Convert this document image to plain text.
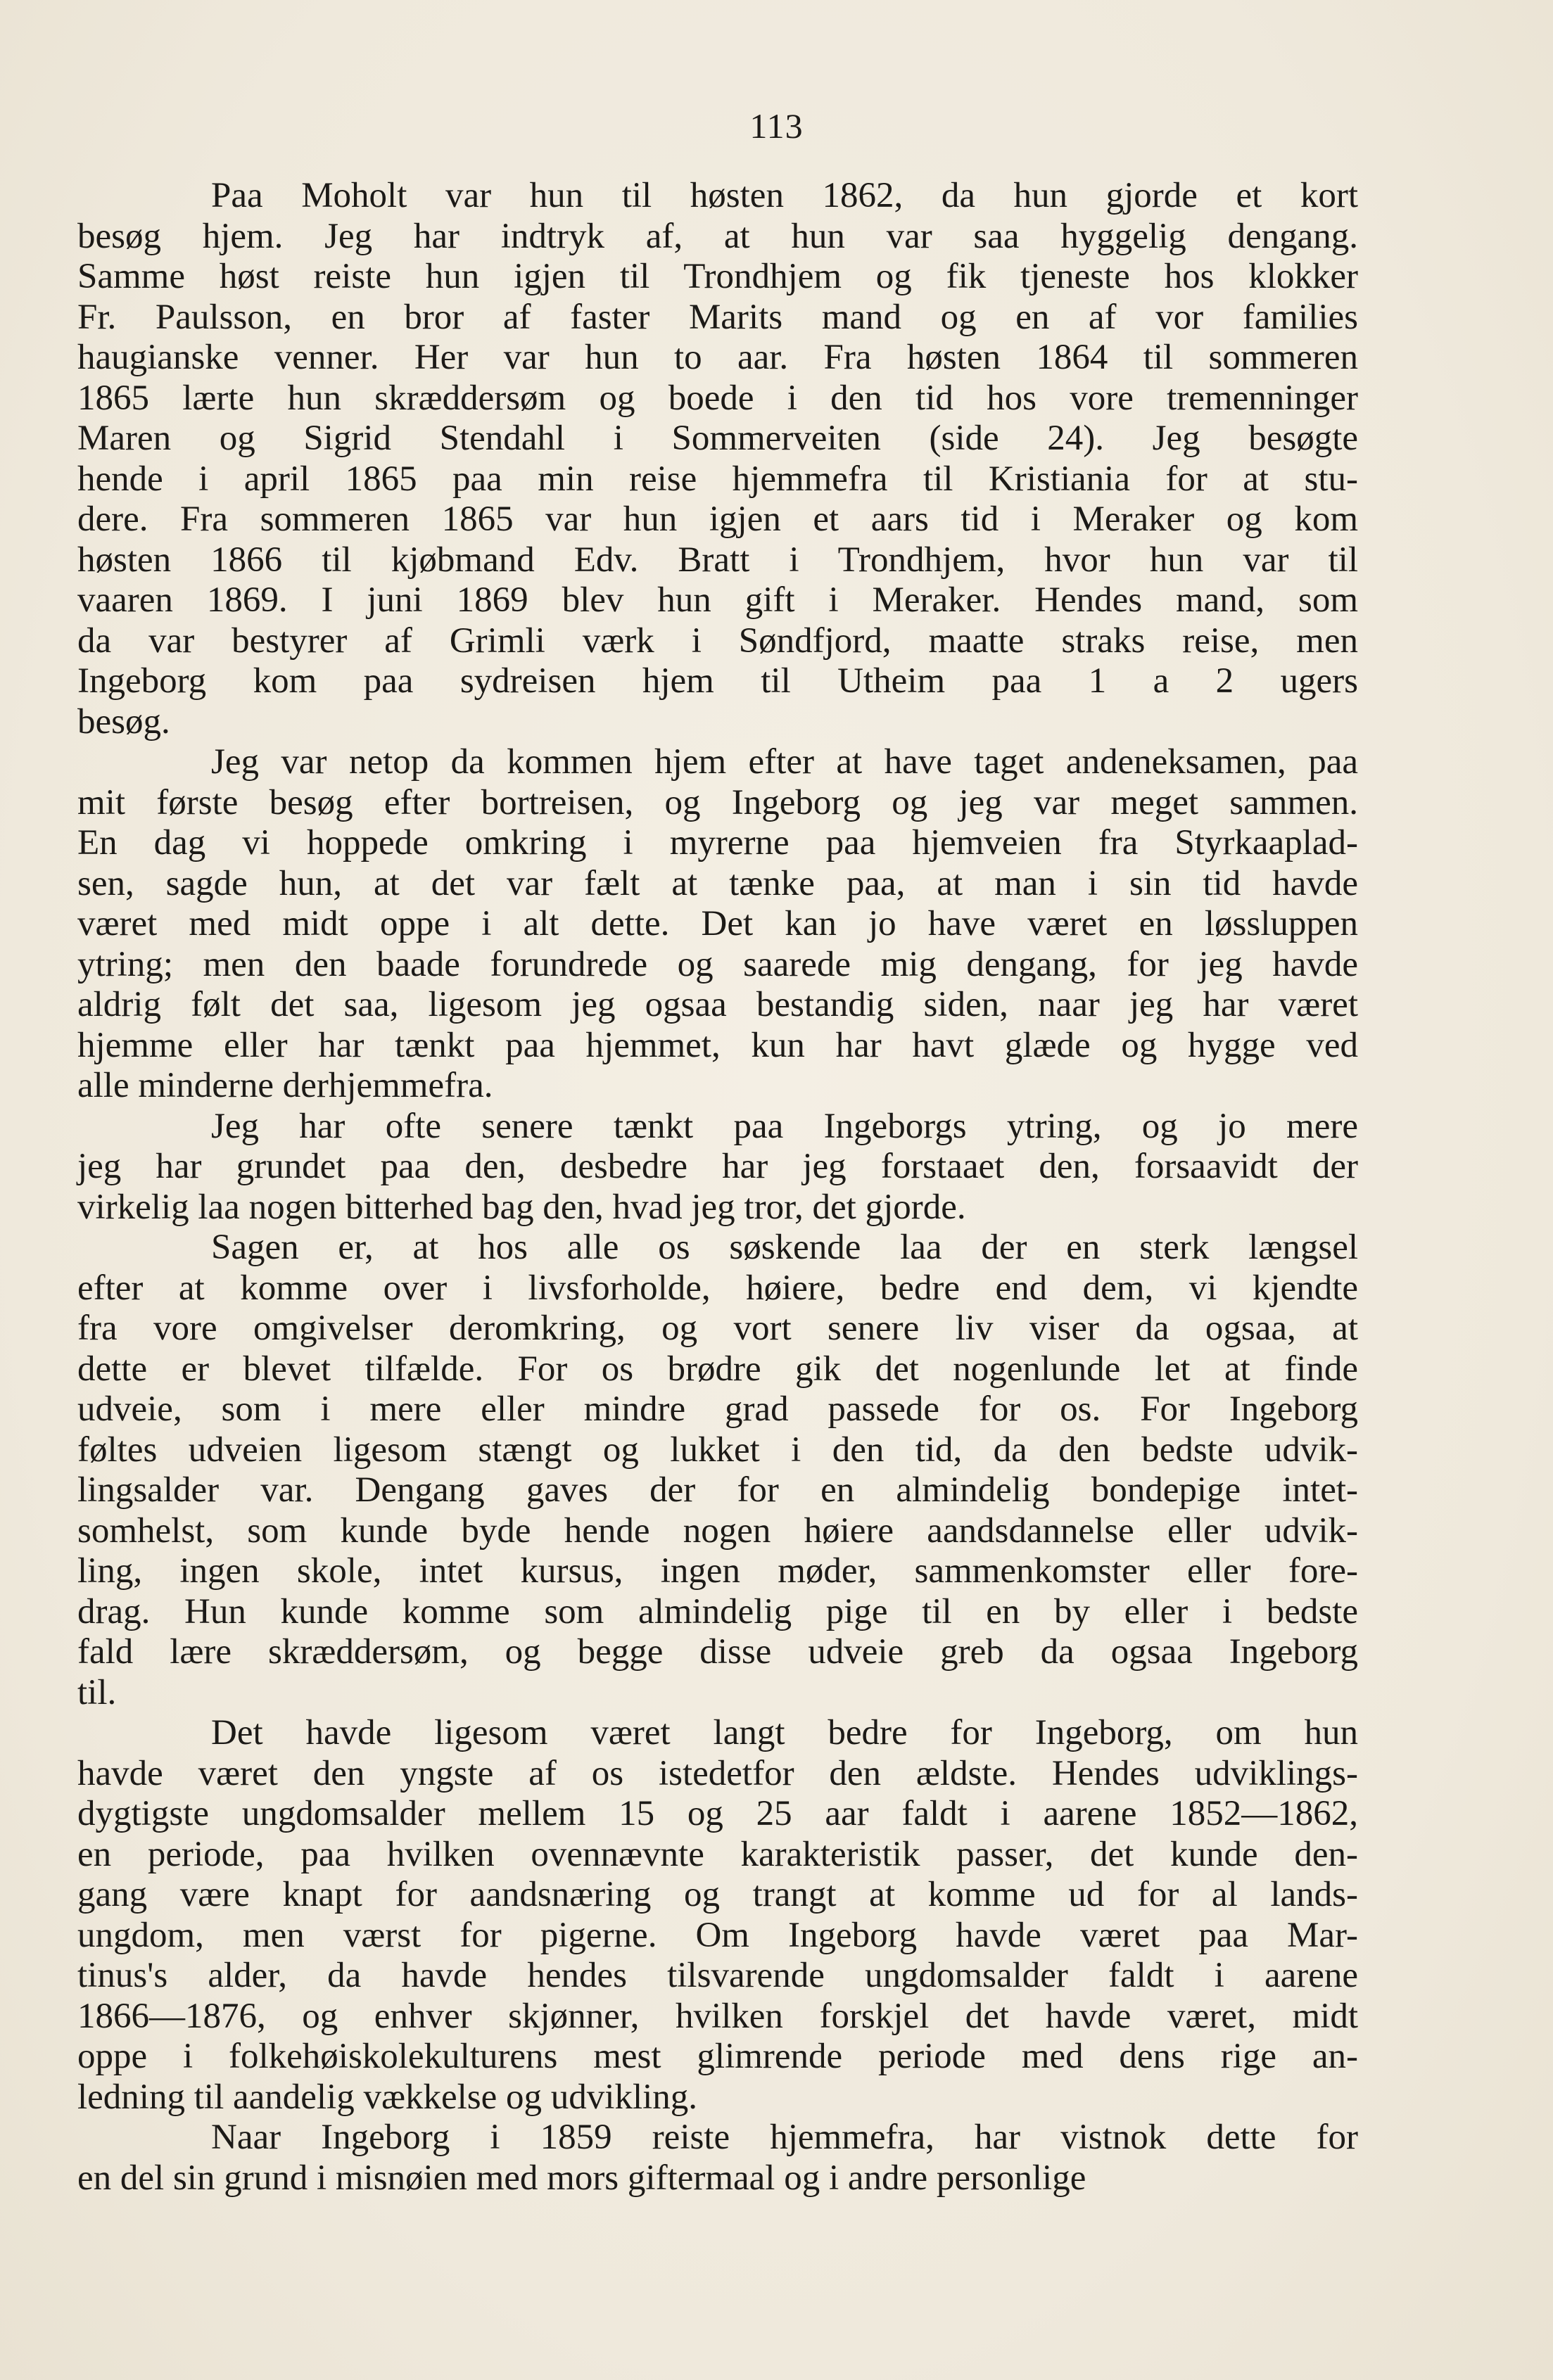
113
Paa Moholt var hun til høsten 1862, da hun gjorde et kort
besøg hjem. Jeg har indtryk af, at hun var saa hyggelig dengang.
Samme høst reiste hun igjen til Trondhjem og fik tjeneste hos klokker
Fr. Paulsson, en bror af faster Marits mand og en af vor families
haugianske venner. Her var hun to aar. Fra høsten 1864 til sommeren
1865 lærte hun skræddersøm og boede i den tid hos vore tremenninger
Maren og Sigrid Stendahl i Sommerveiten (side 24). Jeg besøgte
hende i april 1865 paa min reise hjemmefra til Kristiania for at stu-
dere. Fra sommeren 1865 var hun igjen et aars tid i Meraker og kom
høsten 1866 til kjøbmand Edv. Bratt i Trondhjem, hvor hun var til
vaaren 1869. I juni 1869 blev hun gift i Meraker. Hendes mand, som
da var bestyrer af Grimli værk i Søndfjord, maatte straks reise, men
Ingeborg kom paa sydreisen hjem til Utheim paa 1 a 2 ugers
besøg.
Jeg var netop da kommen hjem efter at have taget andeneksamen, paa
mit første besøg efter bortreisen, og Ingeborg og jeg var meget sammen.
En dag vi hoppede omkring i myrerne paa hjemveien fra Styrkaaplad-
sen, sagde hun, at det var fælt at tænke paa, at man i sin tid havde
været med midt oppe i alt dette. Det kan jo have været en løssluppen
ytring; men den baade forundrede og saarede mig dengang, for jeg havde
aldrig følt det saa, ligesom jeg ogsaa bestandig siden, naar jeg har været
hjemme eller har tænkt paa hjemmet, kun har havt glæde og hygge ved
alle minderne derhjemmefra.
Jeg har ofte senere tænkt paa Ingeborgs ytring, og jo mere
jeg har grundet paa den, desbedre har jeg forstaaet den, forsaavidt der
virkelig laa nogen bitterhed bag den, hvad jeg tror, det gjorde.
Sagen er, at hos alle os søskende laa der en sterk længsel
efter at komme over i livsforholde, høiere, bedre end dem, vi kjendte
fra vore omgivelser deromkring, og vort senere liv viser da ogsaa, at
dette er blevet tilfælde. For os brødre gik det nogenlunde let at finde
udveie, som i mere eller mindre grad passede for os. For Ingeborg
føltes udveien ligesom stængt og lukket i den tid, da den bedste udvik-
lingsalder var. Dengang gaves der for en almindelig bondepige intet-
somhelst, som kunde byde hende nogen høiere aandsdannelse eller udvik-
ling, ingen skole, intet kursus, ingen møder, sammenkomster eller fore-
drag. Hun kunde komme som almindelig pige til en by eller i bedste
fald lære skræddersøm, og begge disse udveie greb da ogsaa Ingeborg
til.
Det havde ligesom været langt bedre for Ingeborg, om hun
havde været den yngste af os istedetfor den ældste. Hendes udviklings-
dygtigste ungdomsalder mellem 15 og 25 aar faldt i aarene 1852—1862,
en periode, paa hvilken ovennævnte karakteristik passer, det kunde den-
gang være knapt for aandsnæring og trangt at komme ud for al lands-
ungdom, men værst for pigerne. Om Ingeborg havde været paa Mar-
tinus's alder, da havde hendes tilsvarende ungdomsalder faldt i aarene
1866—1876, og enhver skjønner, hvilken forskjel det havde været, midt
oppe i folkehøiskolekulturens mest glimrende periode med dens rige an-
ledning til aandelig vækkelse og udvikling.
Naar Ingeborg i 1859 reiste hjemmefra, har vistnok dette for
en del sin grund i misnøien med mors giftermaal og i andre personlige
